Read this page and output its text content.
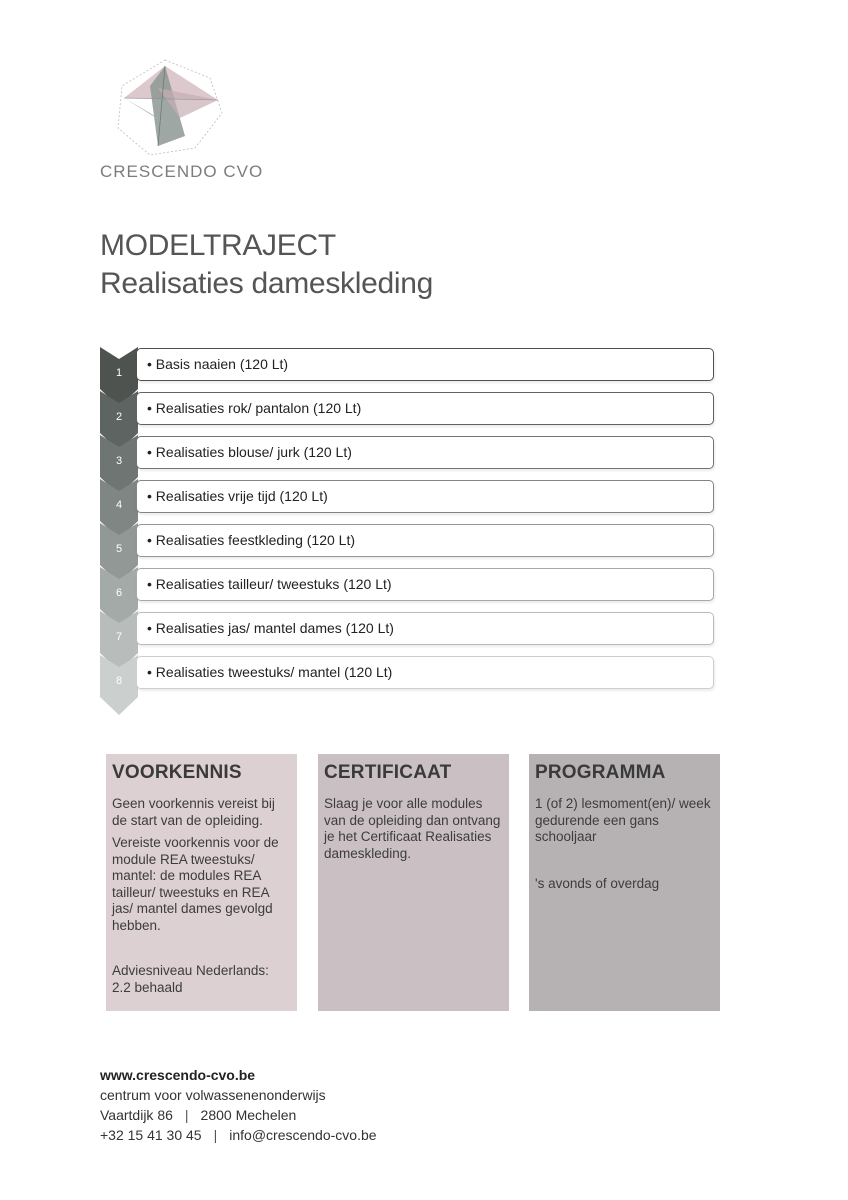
CRESCENDO CVO
MODELTRAJECT
Realisaties dameskleding
• Basis naaien (120 Lt)
1
• Realisaties rok/ pantalon (120 Lt)
2
• Realisaties blouse/ jurk (120 Lt)
3
• Realisaties vrije tijd (120 Lt)
4
• Realisaties feestkleding (120 Lt)
5
• Realisaties tailleur/ tweestuks (120 Lt)
6
• Realisaties jas/ mantel dames (120 Lt)
7
• Realisaties tweestuks/ mantel (120 Lt)
8
VOORKENNIS

Geen voorkennis vereist bij de start van de opleiding.

Vereiste voorkennis voor de module REA tweestuks/ mantel: de modules REA tailleur/ tweestuks en REA jas/ mantel dames gevolgd hebben.

Adviesniveau Nederlands: 2.2 behaald

CERTIFICAAT

Slaag je voor alle modules van de opleiding dan ontvang je het Certificaat Realisaties dameskleding.

PROGRAMMA

1 (of 2) lesmoment(en)/ week gedurende een gans schooljaar

's avonds of overdag

www.crescendo-cvo.be
centrum voor volwassenenonderwijs
Vaartdijk 86 | 2800 Mechelen
+32 15 41 30 45 | info@crescendo-cvo.be
